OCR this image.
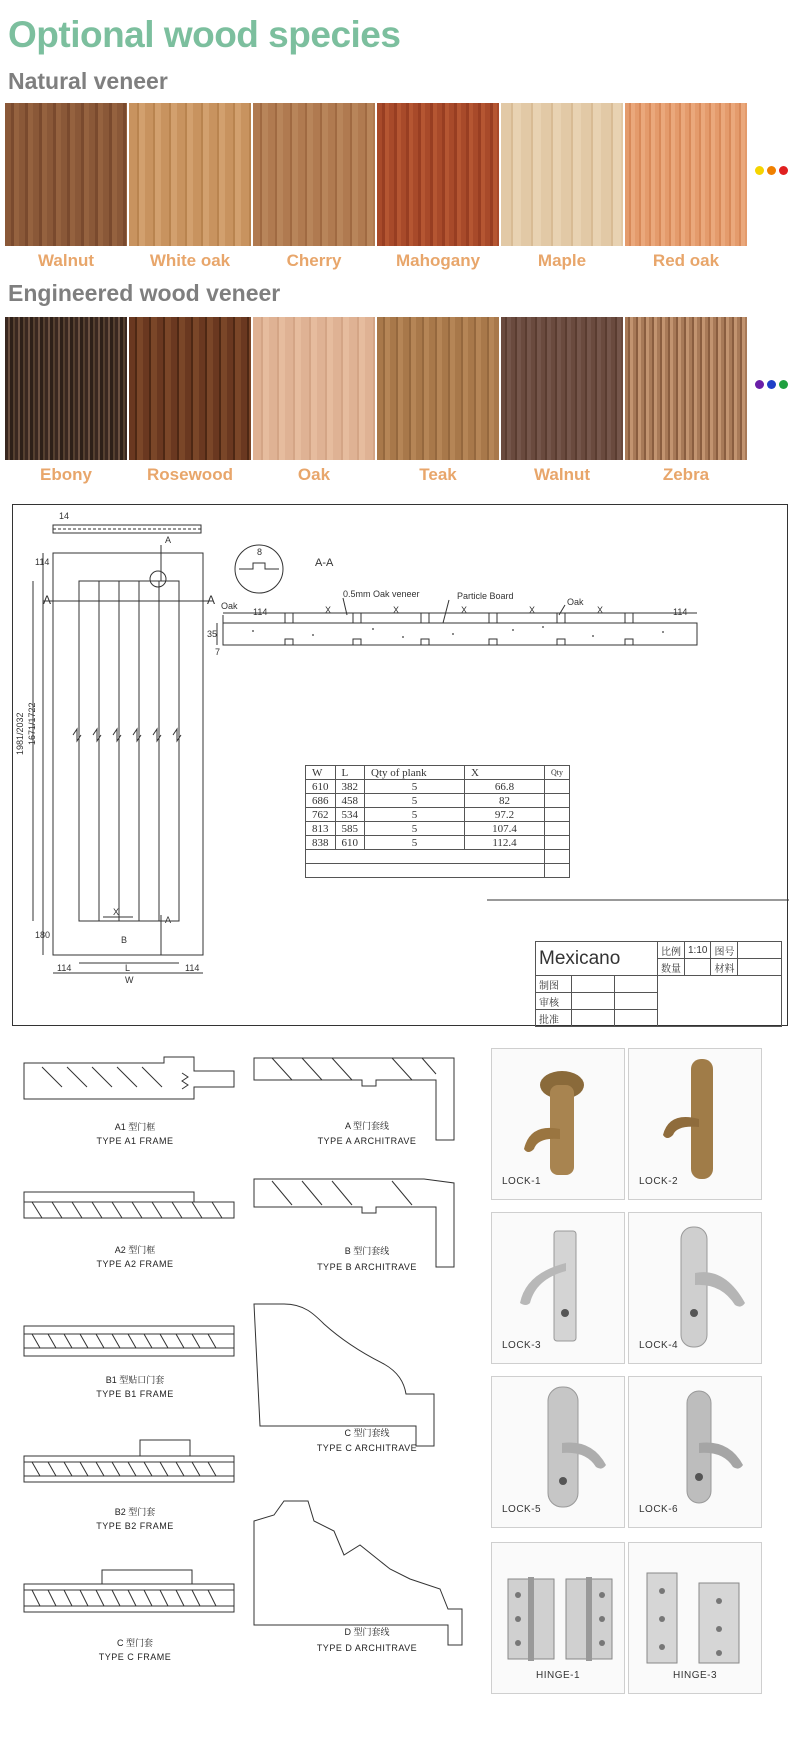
Optional wood species
Natural veneer
Walnut	White oak	Cherry	Mahogany	Maple	Red oak
Engineered wood veneer
Ebony	Rosewood	Oak	Teak	Walnut	Zebra
14
114
A	A
A
1981/2032 1671/1722
180
X
B
A
114	L	114
W
8
A-A
0.5mm Oak veneer	Particle Board
Oak	Oak
114	114
35
7
X	X	X	X	X
W	L	Qty of plank	X	Qty
610	382	5	66.8	
686	458	5	82	
762	534	5	97.2	
813	585	5	107.4	
838	610	5	112.4	

Mexicano			比例	1:10	图号	
			数量		材料	
制图						
审核						
批准						
A1 型门框
TYPE A1 FRAME
A2 型门框
TYPE A2 FRAME
B1 型贴口门套
TYPE B1 FRAME
B2 型门套
TYPE B2 FRAME
C 型门套
TYPE C FRAME
A 型门套线
TYPE A ARCHITRAVE
B 型门套线
TYPE B ARCHITRAVE
C 型门套线
TYPE C ARCHITRAVE
D 型门套线
TYPE D ARCHITRAVE
LOCK-1	LOCK-2
LOCK-3	LOCK-4
LOCK-5	LOCK-6
HINGE-1	HINGE-3
